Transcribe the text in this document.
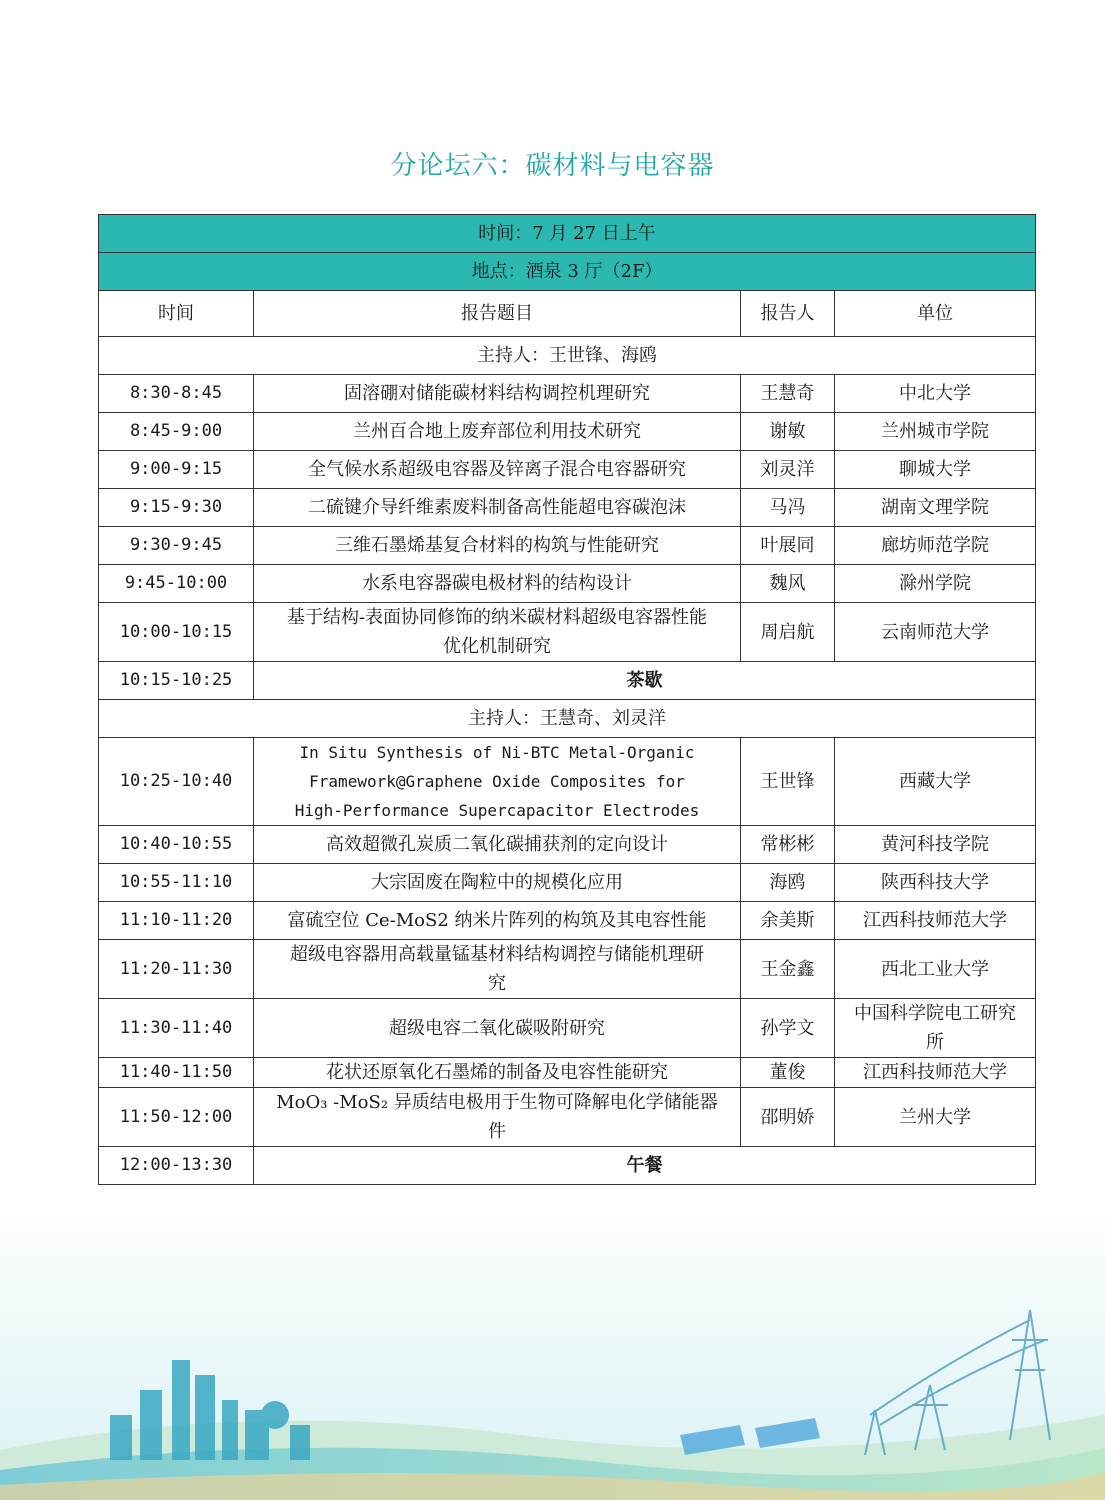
分论坛六：碳材料与电容器
时间：7 月 27 日上午			
地点：酒泉 3 厅（2F）			
时间	报告题目	报告人	单位
主持人：王世锋、海鸥			
8:30-8:45	固溶硼对储能碳材料结构调控机理研究	王慧奇	中北大学
8:45-9:00	兰州百合地上废弃部位利用技术研究	谢敏	兰州城市学院
9:00-9:15	全气候水系超级电容器及锌离子混合电容器研究	刘灵洋	聊城大学
9:15-9:30	二硫键介导纤维素废料制备高性能超电容碳泡沫	马冯	湖南文理学院
9:30-9:45	三维石墨烯基复合材料的构筑与性能研究	叶展同	廊坊师范学院
9:45-10:00	水系电容器碳电极材料的结构设计	魏风	滁州学院
10:00-10:15	基于结构-表面协同修饰的纳米碳材料超级电容器性能
优化机制研究	周启航	云南师范大学
10:15-10:25	茶歇		
主持人：王慧奇、刘灵洋			
10:25-10:40	In Situ Synthesis of Ni-BTC Metal-Organic
Framework@Graphene Oxide Composites for
High-Performance Supercapacitor Electrodes	王世锋	西藏大学
10:40-10:55	高效超微孔炭质二氧化碳捕获剂的定向设计	常彬彬	黄河科技学院
10:55-11:10	大宗固废在陶粒中的规模化应用	海鸥	陕西科技大学
11:10-11:20	富硫空位 Ce-MoS2 纳米片阵列的构筑及其电容性能	余美斯	江西科技师范大学
11:20-11:30	超级电容器用高载量锰基材料结构调控与储能机理研
究	王金鑫	西北工业大学
11:30-11:40	超级电容二氧化碳吸附研究	孙学文	中国科学院电工研究
所

11:40-11:50	花状还原氧化石墨烯的制备及电容性能研究	董俊	江西科技师范大学
11:50-12:00	MoO₃ -MoS₂ 异质结电极用于生物可降解电化学储能器
件	邵明娇	兰州大学
12:00-13:30	午餐		
